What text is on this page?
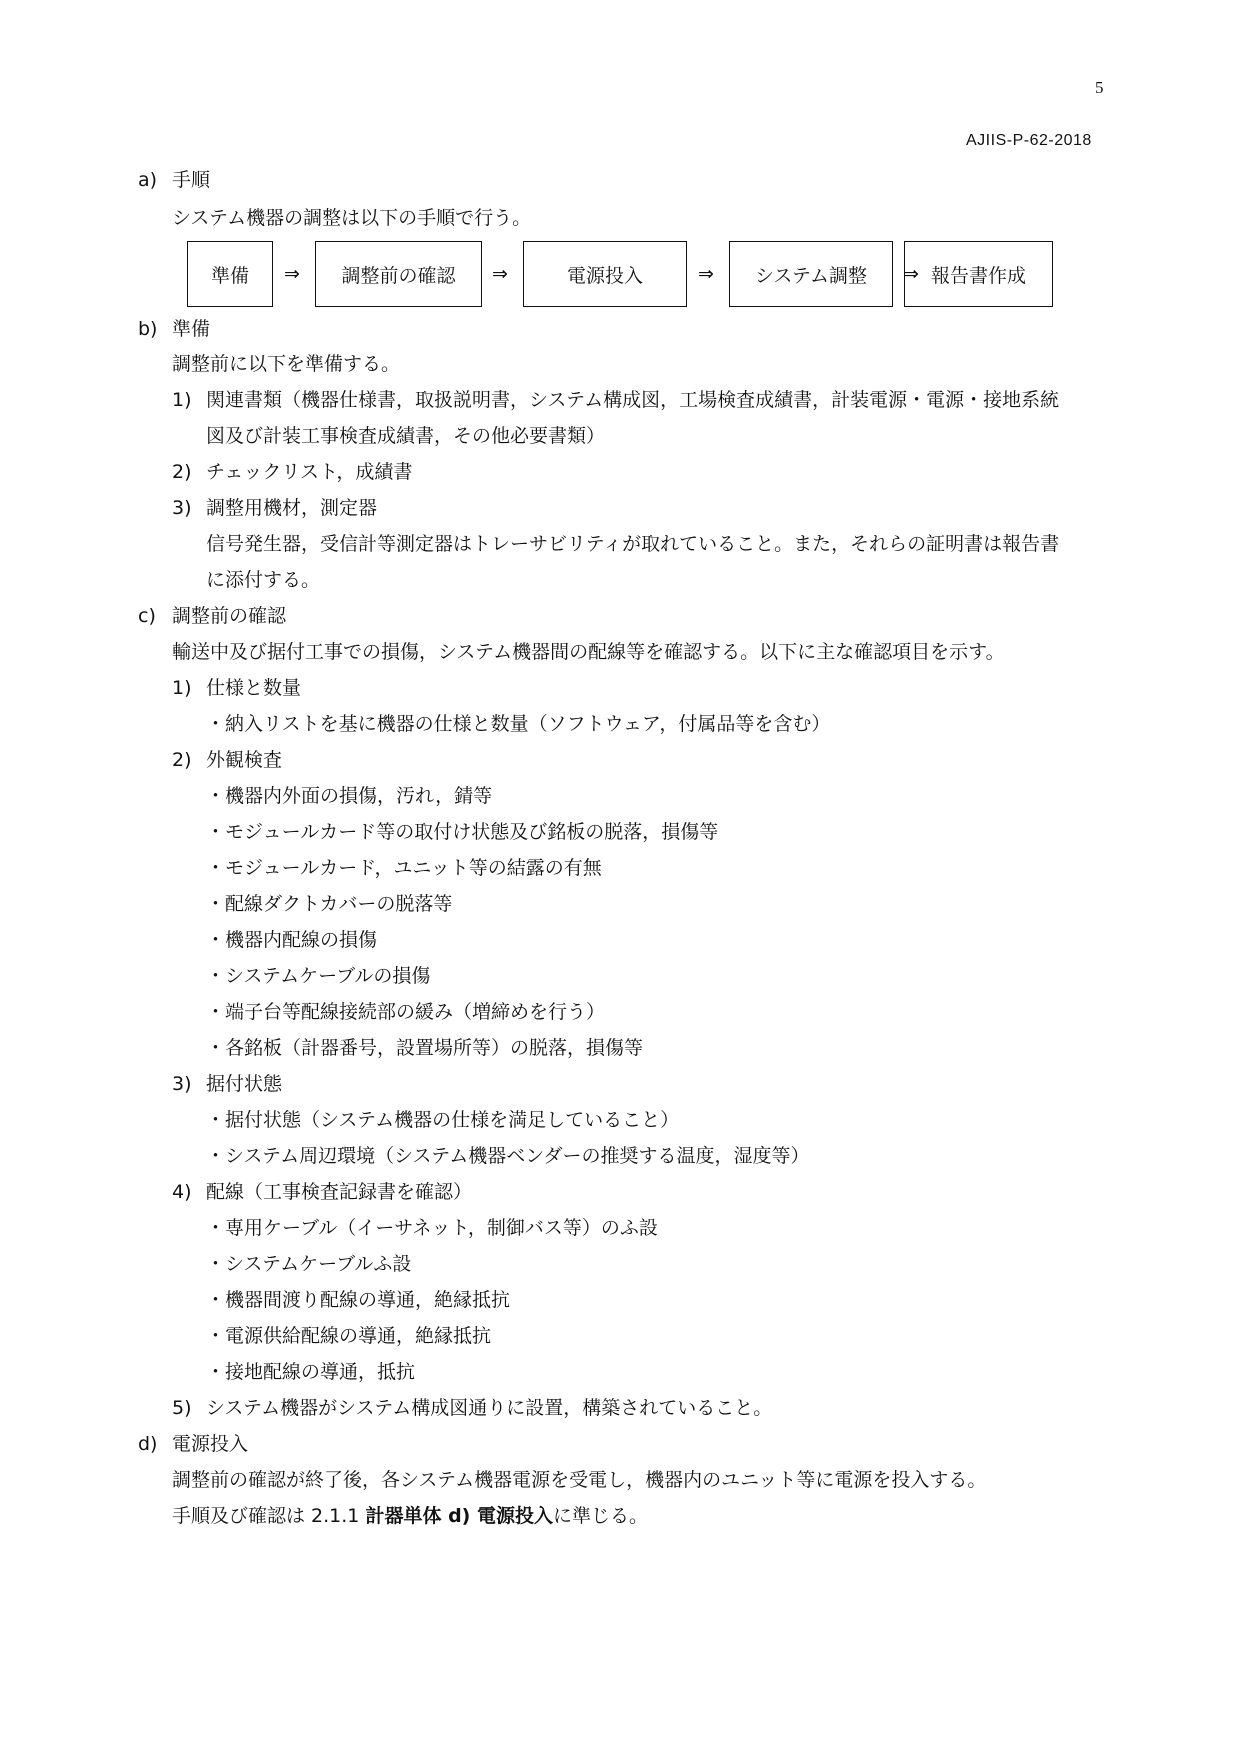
5
AJIIS-P-62-2018
a) 手順
システム機器の調整は以下の手順で行う。
準備	⇒	調整前の確認	⇒	電源投入	⇒	システム調整	⇒ 報告書作成
b) 準備
調整前に以下を準備する。
1) 関連書類（機器仕様書，取扱説明書，システム構成図，工場検査成績書，計装電源・電源・接地系統
図及び計装工事検査成績書，その他必要書類）
2) チェックリスト，成績書
3) 調整用機材，測定器
信号発生器，受信計等測定器はトレーサビリティが取れていること。また，それらの証明書は報告書
に添付する。
c) 調整前の確認
輸送中及び据付工事での損傷，システム機器間の配線等を確認する。以下に主な確認項目を示す。
1) 仕様と数量
・納入リストを基に機器の仕様と数量（ソフトウェア，付属品等を含む）
2) 外観検査
・機器内外面の損傷，汚れ，錆等
・モジュールカード等の取付け状態及び銘板の脱落，損傷等
・モジュールカード，ユニット等の結露の有無
・配線ダクトカバーの脱落等
・機器内配線の損傷
・システムケーブルの損傷
・端子台等配線接続部の緩み（増締めを行う）
・各銘板（計器番号，設置場所等）の脱落，損傷等
3) 据付状態
・据付状態（システム機器の仕様を満足していること）
・システム周辺環境（システム機器ベンダーの推奨する温度，湿度等）
4) 配線（工事検査記録書を確認）
・専用ケーブル（イーサネット，制御バス等）のふ設
・システムケーブルふ設
・機器間渡り配線の導通，絶縁抵抗
・電源供給配線の導通，絶縁抵抗
・接地配線の導通，抵抗
5) システム機器がシステム構成図通りに設置，構築されていること。
d) 電源投入
調整前の確認が終了後，各システム機器電源を受電し，機器内のユニット等に電源を投入する。
手順及び確認は 2.1.1 計器単体 d) 電源投入に準じる。
